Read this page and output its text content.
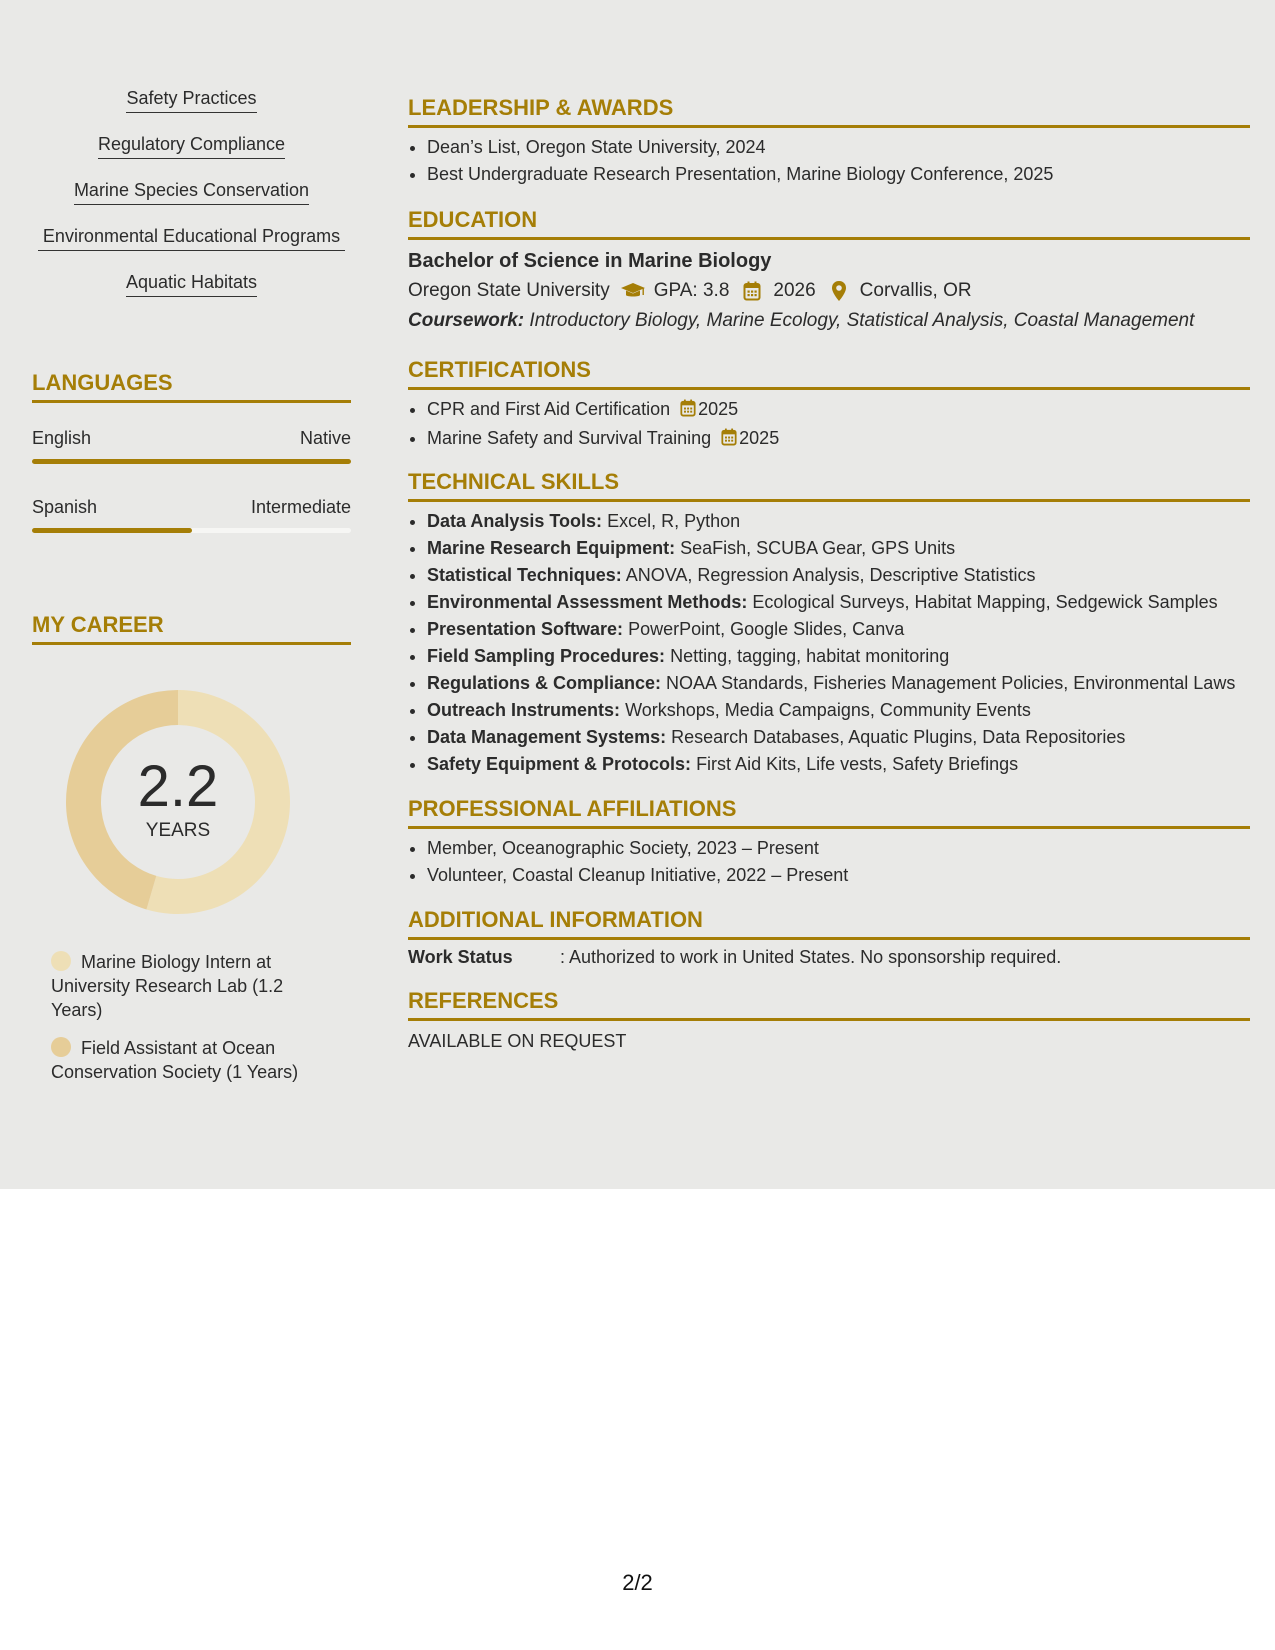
Safety Practices
Regulatory Compliance
Marine Species Conservation
Environmental Educational Programs
Aquatic Habitats
LANGUAGES
English	Native
Spanish	Intermediate
MY CAREER
2.2
YEARS
Marine Biology Intern at University Research Lab (1.2 Years)
Field Assistant at Ocean Conservation Society (1 Years)
LEADERSHIP & AWARDS
• Dean’s List, Oregon State University, 2024
• Best Undergraduate Research Presentation, Marine Biology Conference, 2025
EDUCATION
Bachelor of Science in Marine Biology
Oregon State University GPA: 3.8 2026 Corvallis, OR
Coursework: Introductory Biology, Marine Ecology, Statistical Analysis, Coastal Management
CERTIFICATIONS
• CPR and First Aid Certification 2025
• Marine Safety and Survival Training 2025
TECHNICAL SKILLS
• Data Analysis Tools: Excel, R, Python
• Marine Research Equipment: SeaFish, SCUBA Gear, GPS Units
• Statistical Techniques: ANOVA, Regression Analysis, Descriptive Statistics
• Environmental Assessment Methods: Ecological Surveys, Habitat Mapping, Sedgewick Samples
• Presentation Software: PowerPoint, Google Slides, Canva
• Field Sampling Procedures: Netting, tagging, habitat monitoring
• Regulations & Compliance: NOAA Standards, Fisheries Management Policies, Environmental Laws
• Outreach Instruments: Workshops, Media Campaigns, Community Events
• Data Management Systems: Research Databases, Aquatic Plugins, Data Repositories
• Safety Equipment & Protocols: First Aid Kits, Life vests, Safety Briefings
PROFESSIONAL AFFILIATIONS
• Member, Oceanographic Society, 2023 – Present
• Volunteer, Coastal Cleanup Initiative, 2022 – Present
ADDITIONAL INFORMATION
Work Status	: Authorized to work in United States. No sponsorship required.
REFERENCES
AVAILABLE ON REQUEST
2/2
